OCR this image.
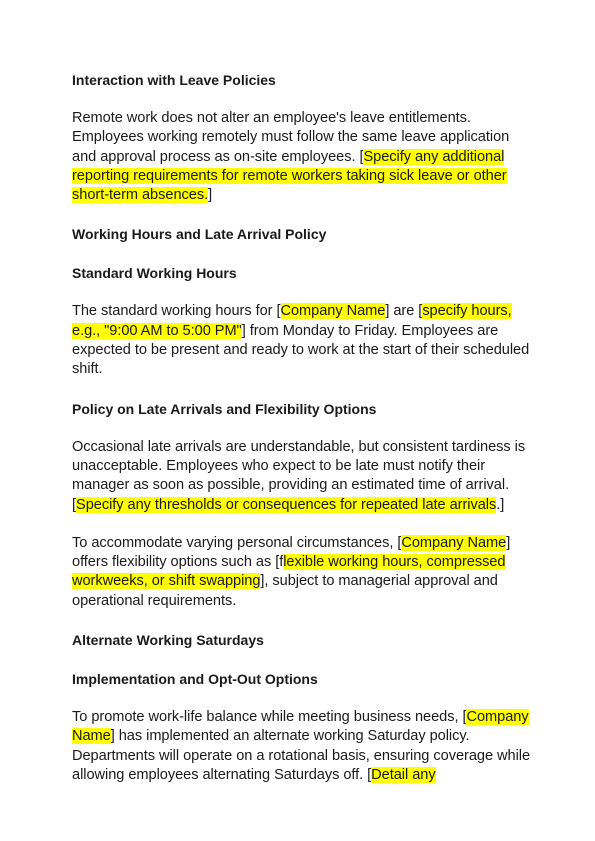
Interaction with Leave Policies

Remote work does not alter an employee's leave entitlements. Employees working remotely must follow the same leave application and approval process as on-site employees. [Specify any additional reporting requirements for remote workers taking sick leave or other short-term absences.]

Working Hours and Late Arrival Policy

Standard Working Hours

The standard working hours for [Company Name] are [specify hours, e.g., "9:00 AM to 5:00 PM"] from Monday to Friday. Employees are expected to be present and ready to work at the start of their scheduled shift.

Policy on Late Arrivals and Flexibility Options

Occasional late arrivals are understandable, but consistent tardiness is unacceptable. Employees who expect to be late must notify their manager as soon as possible, providing an estimated time of arrival. [Specify any thresholds or consequences for repeated late arrivals.]

To accommodate varying personal circumstances, [Company Name] offers flexibility options such as [flexible working hours, compressed workweeks, or shift swapping], subject to managerial approval and operational requirements.

Alternate Working Saturdays

Implementation and Opt-Out Options

To promote work-life balance while meeting business needs, [Company Name] has implemented an alternate working Saturday policy. Departments will operate on a rotational basis, ensuring coverage while allowing employees alternating Saturdays off. [Detail any
